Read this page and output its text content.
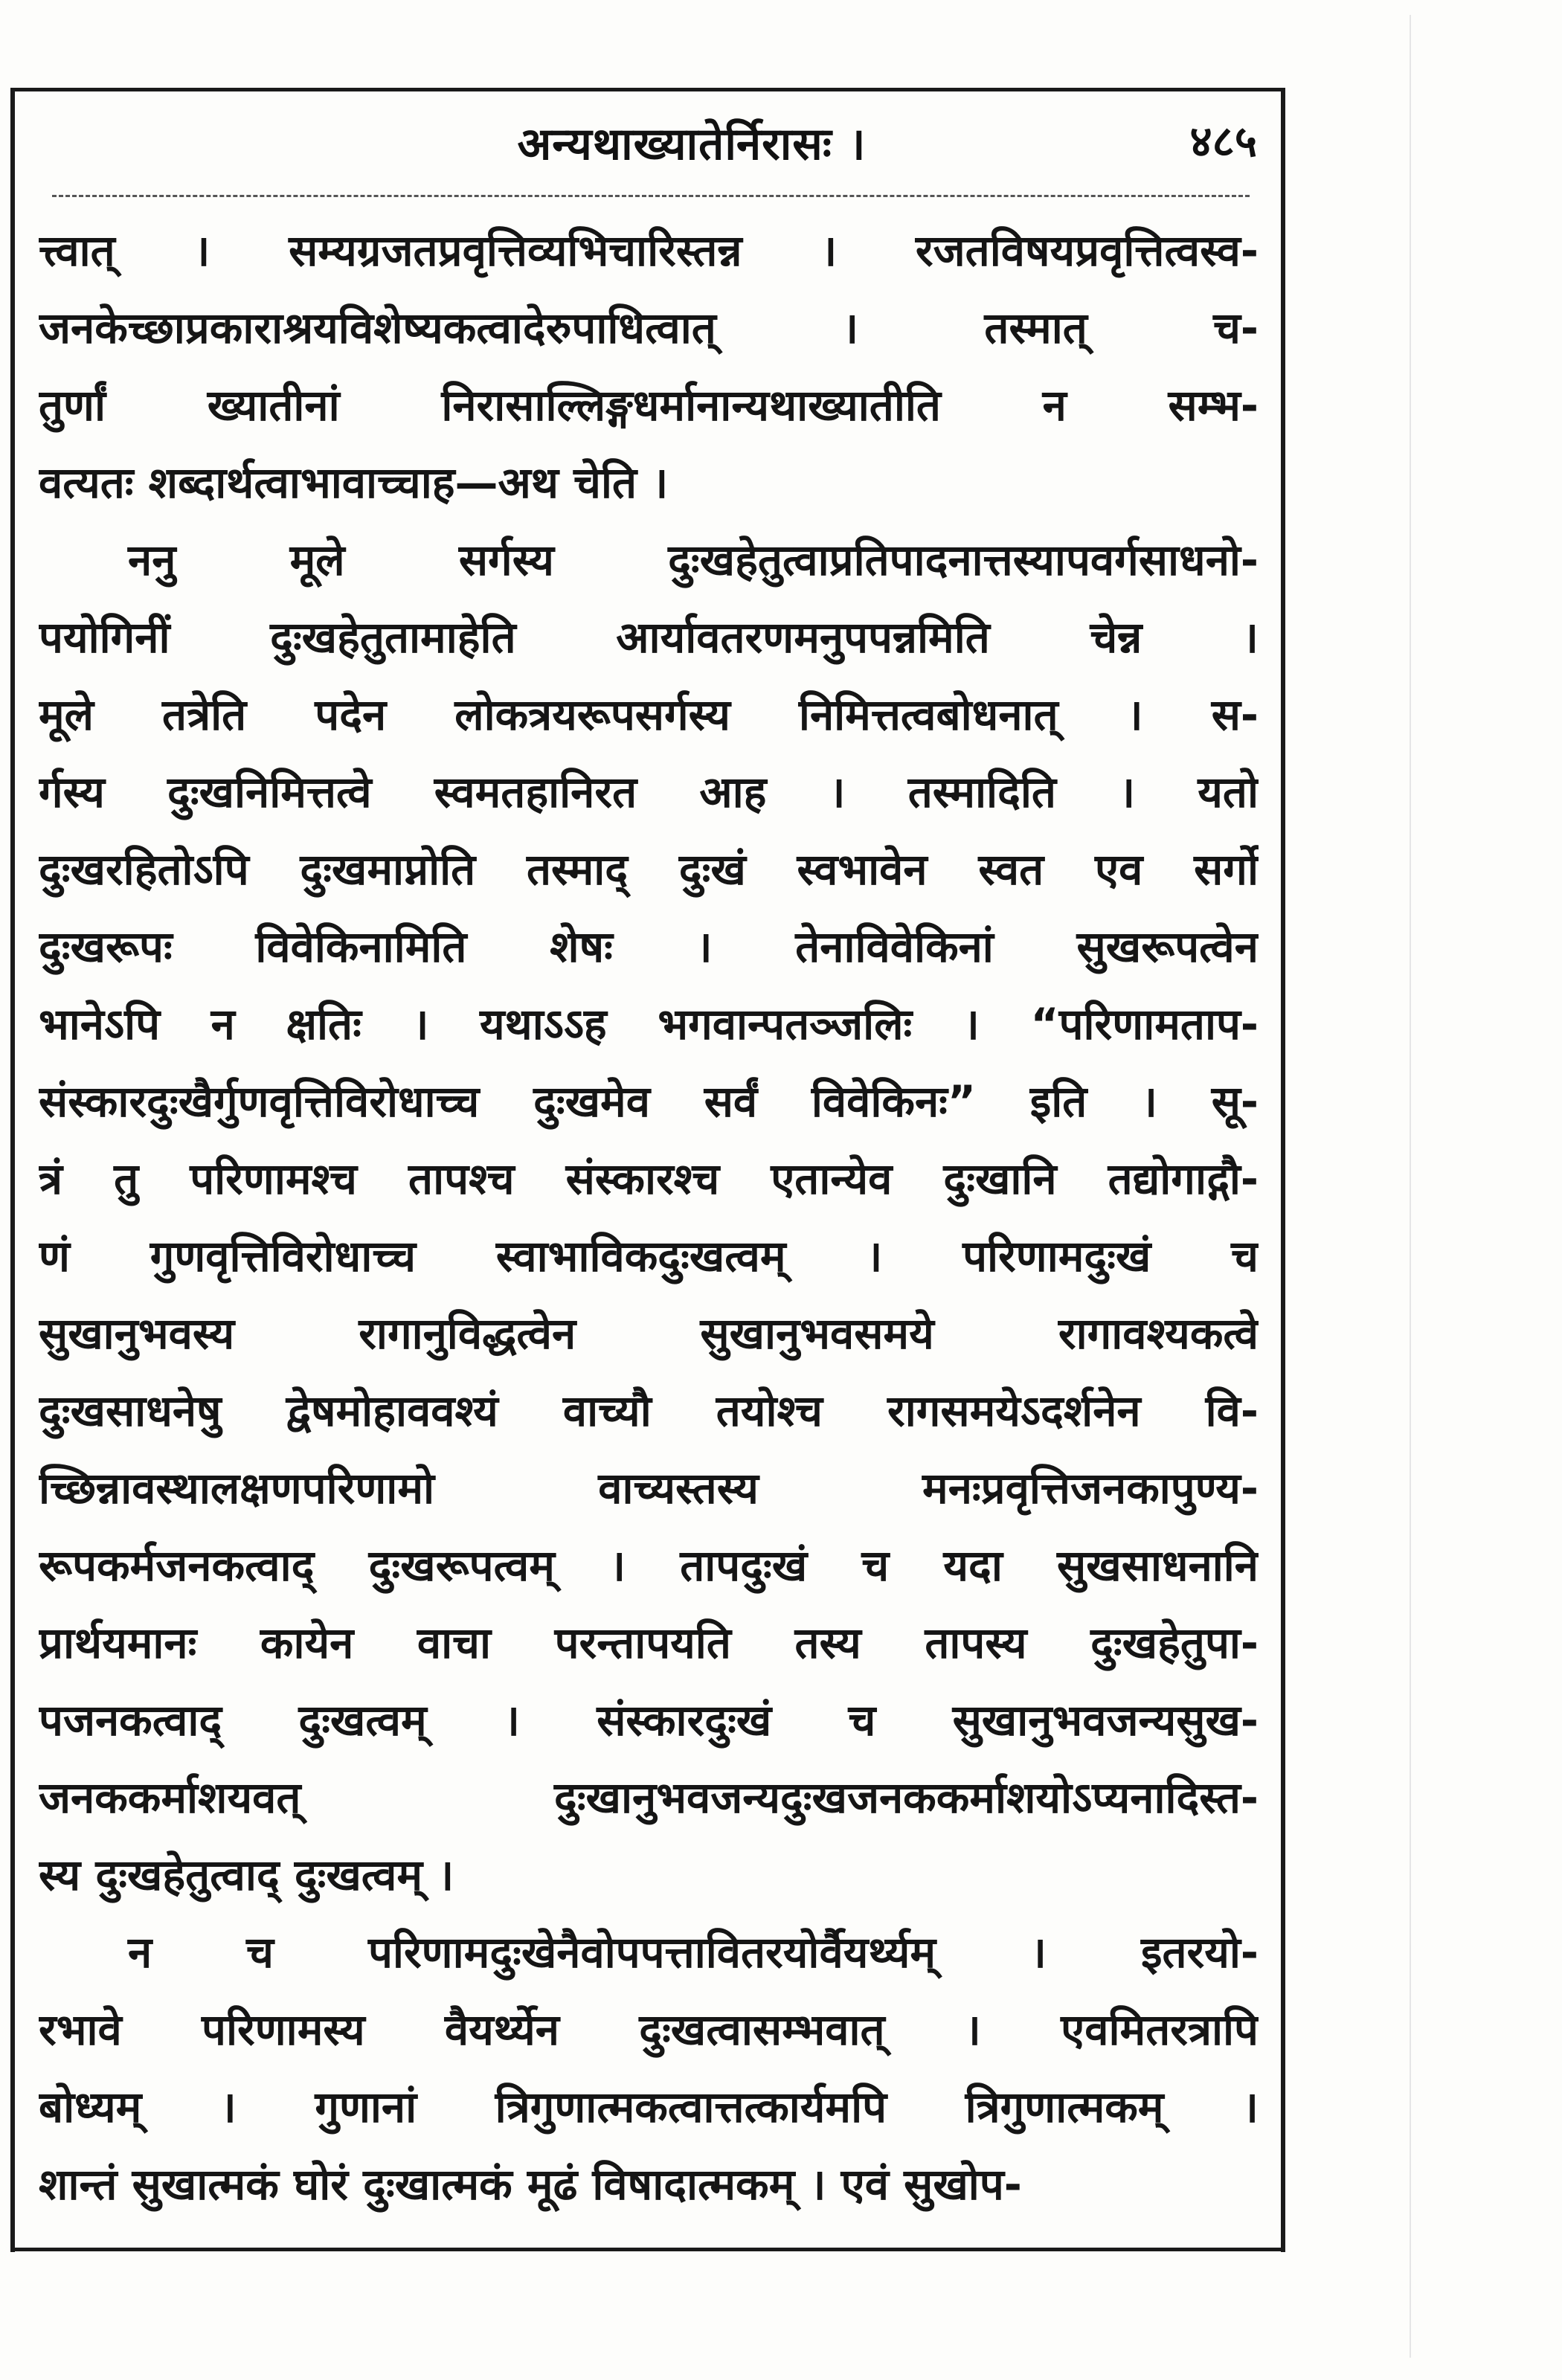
अन्यथाख्यातेर्निरासः ।	४८५
त्त्वात् । सम्यग्रजतप्रवृत्तिव्यभिचारिस्तन्न । रजतविषयप्रवृत्तित्वस्व-
जनकेच्छाप्रकाराश्रयविशेष्यकत्वादेरुपाधित्वात् । तस्मात् च-
तुर्णां ख्यातीनां निरासाल्लिङ्गधर्मानान्यथाख्यातीति न सम्भ-
वत्यतः शब्दार्थत्वाभावाच्चाह—अथ चेति ।
ननु मूले सर्गस्य दुःखहेतुत्वाप्रतिपादनात्तस्यापवर्गसाधनो-
पयोगिनीं दुःखहेतुतामाहेति आर्यावतरणमनुपपन्नमिति चेन्न ।
मूले तत्रेति पदेन लोकत्रयरूपसर्गस्य निमित्तत्वबोधनात् । स-
र्गस्य दुःखनिमित्तत्वे स्वमतहानिरत आह । तस्मादिति । यतो
दुःखरहितोऽपि दुःखमाप्नोति तस्माद् दुःखं स्वभावेन स्वत एव सर्गो
दुःखरूपः विवेकिनामिति शेषः । तेनाविवेकिनां सुखरूपत्वेन
भानेऽपि न क्षतिः । यथाऽऽह भगवान्पतञ्जलिः । “परिणामताप-
संस्कारदुःखैर्गुणवृत्तिविरोधाच्च दुःखमेव सर्वं विवेकिनः” इति । सू-
त्रं तु परिणामश्च तापश्च संस्कारश्च एतान्येव दुःखानि तद्योगाद्गौ-
णं गुणवृत्तिविरोधाच्च स्वाभाविकदुःखत्वम् । परिणामदुःखं च
सुखानुभवस्य रागानुविद्धत्वेन सुखानुभवसमये रागावश्यकत्वे
दुःखसाधनेषु द्वेषमोहाववश्यं वाच्यौ तयोश्च रागसमयेऽदर्शनेन वि-
च्छिन्नावस्थालक्षणपरिणामो वाच्यस्तस्य मनःप्रवृत्तिजनकापुण्य-
रूपकर्मजनकत्वाद् दुःखरूपत्वम् । तापदुःखं च यदा सुखसाधनानि
प्रार्थयमानः कायेन वाचा परन्तापयति तस्य तापस्य दुःखहेतुपा-
पजनकत्वाद् दुःखत्वम् । संस्कारदुःखं च सुखानुभवजन्यसुख-
जनककर्माशयवत् दुःखानुभवजन्यदुःखजनककर्माशयोऽप्यनादिस्त-
स्य दुःखहेतुत्वाद् दुःखत्वम् ।
न च परिणामदुःखेनैवोपपत्तावितरयोर्वैयर्थ्यम् । इतरयो-
रभावे परिणामस्य वैयर्थ्येन दुःखत्वासम्भवात् । एवमितरत्रापि
बोध्यम् । गुणानां त्रिगुणात्मकत्वात्तत्कार्यमपि त्रिगुणात्मकम् ।
शान्तं सुखात्मकं घोरं दुःखात्मकं मूढं विषादात्मकम् । एवं सुखोप-
